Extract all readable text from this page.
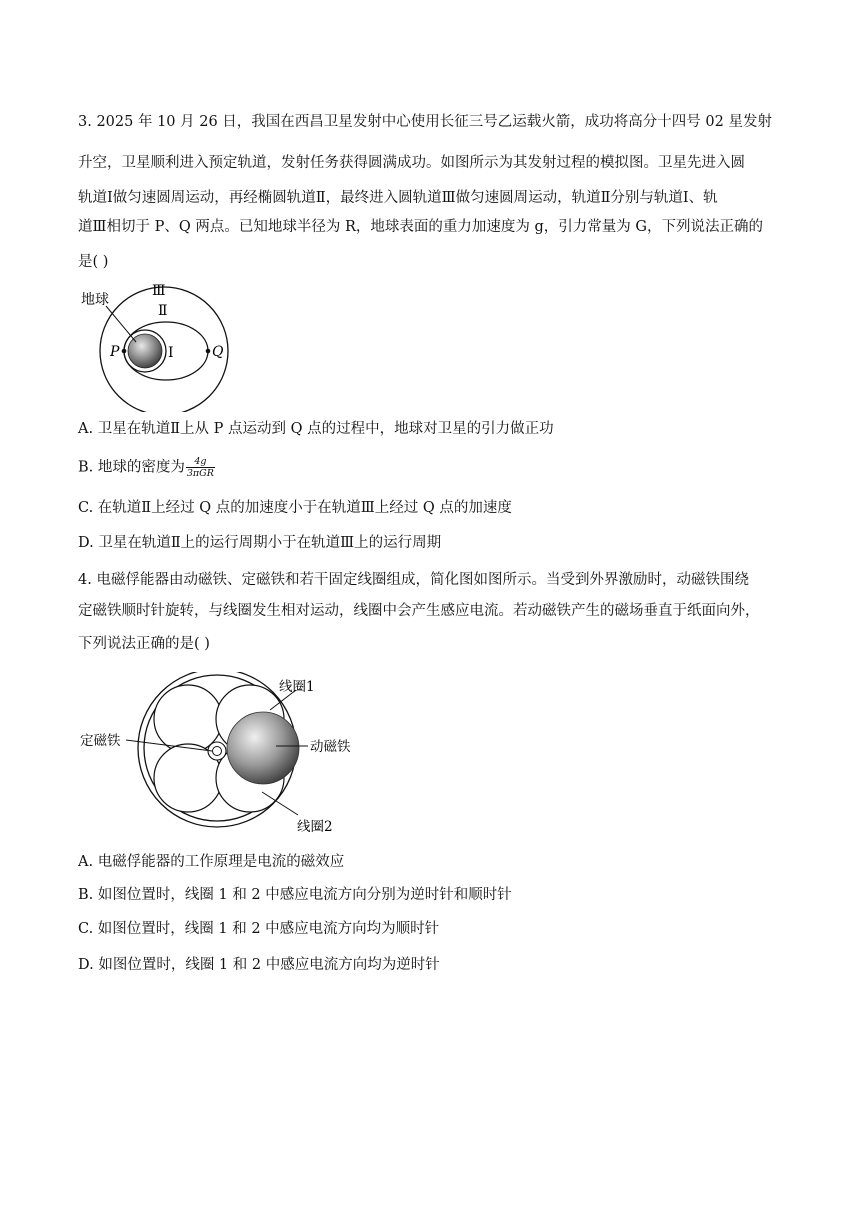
3. 2025 年 10 月 26 日，我国在西昌卫星发射中心使用长征三号乙运载火箭，成功将高分十四号 02 星发射

升空，卫星顺利进入预定轨道，发射任务获得圆满成功。如图所示为其发射过程的模拟图。卫星先进入圆

轨道Ⅰ做匀速圆周运动，再经椭圆轨道Ⅱ，最终进入圆轨道Ⅲ做匀速圆周运动，轨道Ⅱ分别与轨道Ⅰ、轨

道Ⅲ相切于 P、Q 两点。已知地球半径为 R，地球表面的重力加速度为 g，引力常量为 G，下列说法正确的

是( )

地球
Ⅲ
Ⅱ
Ⅰ
P	Q

A. 卫星在轨道Ⅱ上从 P 点运动到 Q 点的过程中，地球对卫星的引力做正功

B. 地球的密度为 $\frac{4g}{\text{3πGR}}$

C. 在轨道Ⅱ上经过 Q 点的加速度小于在轨道Ⅲ上经过 Q 点的加速度

D. 卫星在轨道Ⅱ上的运行周期小于在轨道Ⅲ上的运行周期

4. 电磁俘能器由动磁铁、定磁铁和若干固定线圈组成，简化图如图所示。当受到外界激励时，动磁铁围绕

定磁铁顺时针旋转，与线圈发生相对运动，线圈中会产生感应电流。若动磁铁产生的磁场垂直于纸面向外，

下列说法正确的是( )

线圈1
动磁铁
定磁铁
线圈2

A. 电磁俘能器的工作原理是电流的磁效应

B. 如图位置时，线圈 1 和 2 中感应电流方向分别为逆时针和顺时针

C. 如图位置时，线圈 1 和 2 中感应电流方向均为顺时针

D. 如图位置时，线圈 1 和 2 中感应电流方向均为逆时针
